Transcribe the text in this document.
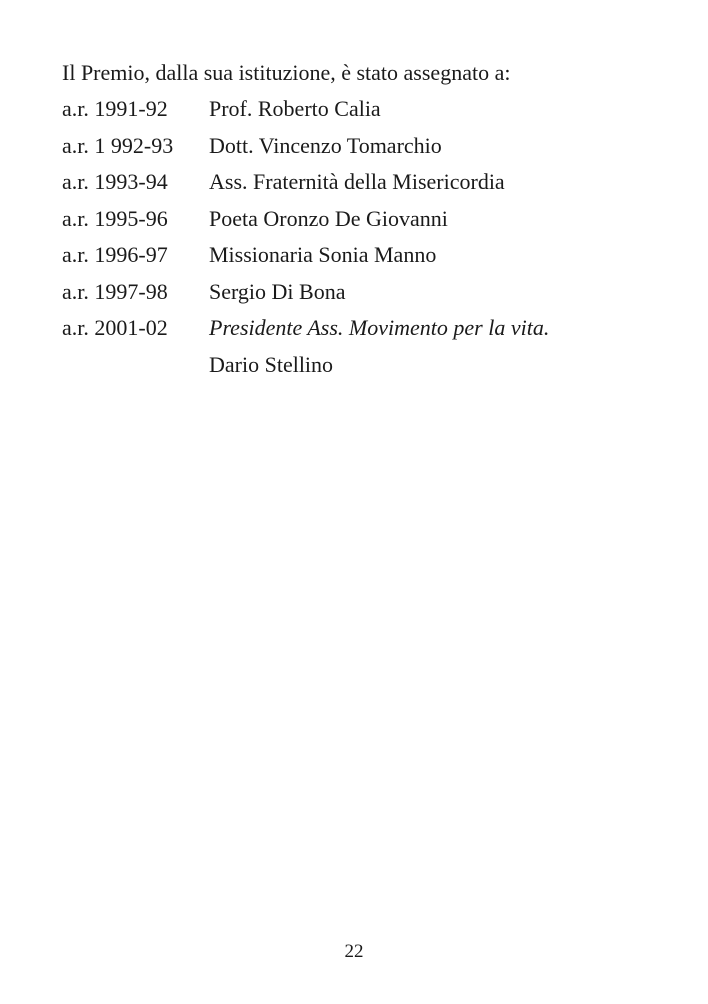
Il Premio, dalla sua istituzione, è stato assegnato a:
a.r. 1991-92 Prof. Roberto Calia
a.r. 1 992-93 Dott. Vincenzo Tomarchio
a.r. 1993-94 Ass. Fraternità della Misericordia
a.r. 1995-96 Poeta Oronzo De Giovanni
a.r. 1996-97 Missionaria Sonia Manno
a.r. 1997-98 Sergio Di Bona
a.r. 2001-02 Presidente Ass. Movimento per la vita.
Dario Stellino
22
